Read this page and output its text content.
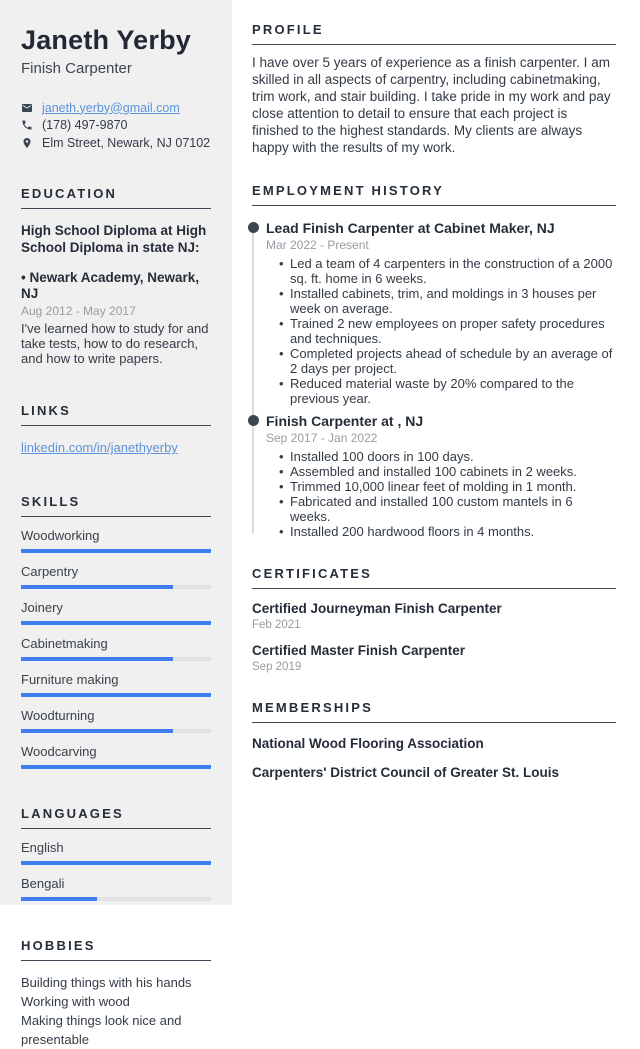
Janeth Yerby
Finish Carpenter
janeth.yerby@gmail.com
(178) 497-9870
Elm Street, Newark, NJ 07102
EDUCATION
High School Diploma at High School Diploma in state NJ:
• Newark Academy, Newark, NJ
Aug 2012 - May 2017
I've learned how to study for and take tests, how to do research, and how to write papers.
LINKS
linkedin.com/in/janethyerby
SKILLS
Woodworking
Carpentry
Joinery
Cabinetmaking
Furniture making
Woodturning
Woodcarving
LANGUAGES
English
Bengali
HOBBIES
Building things with his hands
Working with wood
Making things look nice and presentable
PROFILE

I have over 5 years of experience as a finish carpenter. I am skilled in all aspects of carpentry, including cabinetmaking, trim work, and stair building. I take pride in my work and pay close attention to detail to ensure that each project is finished to the highest standards. My clients are always happy with the results of my work.

EMPLOYMENT HISTORY
Lead Finish Carpenter at Cabinet Maker, NJ
Mar 2022 - Present
• Led a team of 4 carpenters in the construction of a 2000 sq. ft. home in 6 weeks.
• Installed cabinets, trim, and moldings in 3 houses per week on average.
• Trained 2 new employees on proper safety procedures and techniques.
• Completed projects ahead of schedule by an average of 2 days per project.
• Reduced material waste by 20% compared to the previous year.
Finish Carpenter at , NJ
Sep 2017 - Jan 2022
• Installed 100 doors in 100 days.
• Assembled and installed 100 cabinets in 2 weeks.
• Trimmed 10,000 linear feet of molding in 1 month.
• Fabricated and installed 100 custom mantels in 6 weeks.
• Installed 200 hardwood floors in 4 months.
CERTIFICATES
Certified Journeyman Finish Carpenter
Feb 2021
Certified Master Finish Carpenter
Sep 2019
MEMBERSHIPS
National Wood Flooring Association
Carpenters' District Council of Greater St. Louis
